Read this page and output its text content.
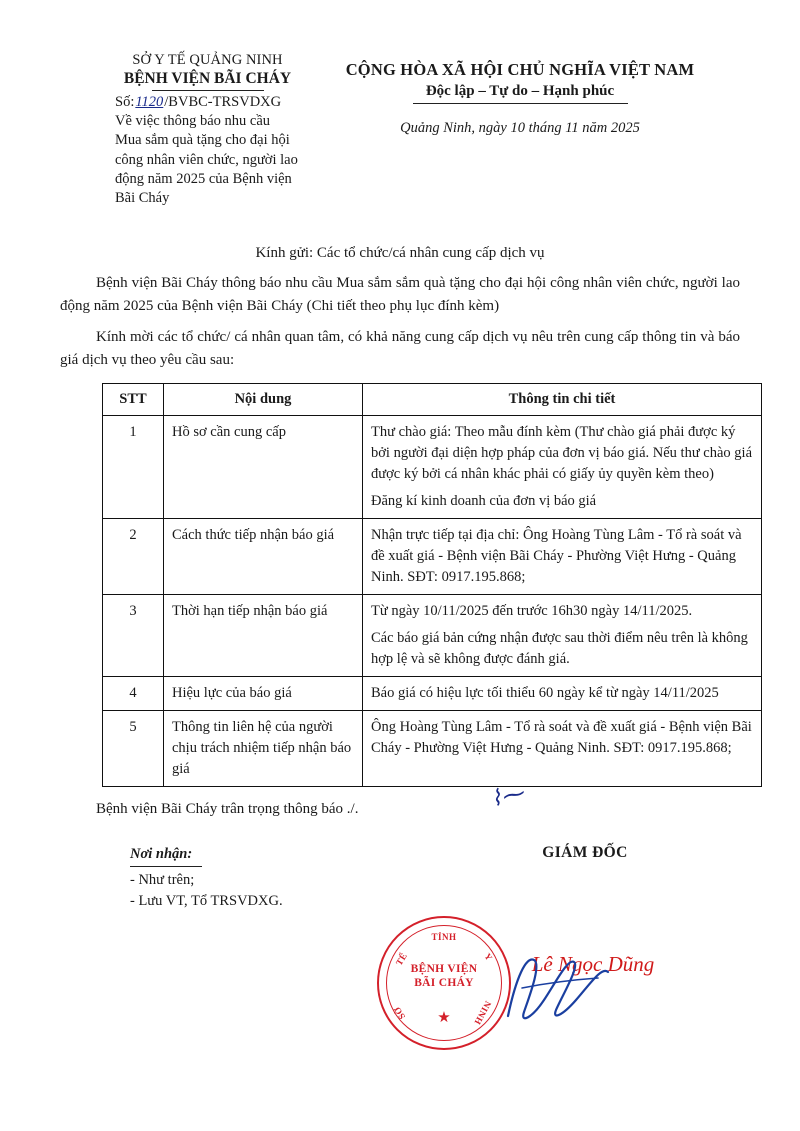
SỞ Y TẾ QUẢNG NINH
BỆNH VIỆN BÃI CHÁY
Số:1120/BVBC-TRSVDXG
Về việc thông báo nhu cầu Mua sắm quà tặng cho đại hội công nhân viên chức, người lao động năm 2025 của Bệnh viện Bãi Cháy
CỘNG HÒA XÃ HỘI CHỦ NGHĨA VIỆT NAM
Độc lập – Tự do – Hạnh phúc
Quảng Ninh, ngày 10 tháng 11 năm 2025
Kính gửi: Các tổ chức/cá nhân cung cấp dịch vụ

Bệnh viện Bãi Cháy thông báo nhu cầu Mua sắm sắm quà tặng cho đại hội công nhân viên chức, người lao động năm 2025 của Bệnh viện Bãi Cháy (Chi tiết theo phụ lục đính kèm)

Kính mời các tổ chức/ cá nhân quan tâm, có khả năng cung cấp dịch vụ nêu trên cung cấp thông tin và báo giá dịch vụ theo yêu cầu sau:

STT	Nội dung	Thông tin chi tiết
1	Hồ sơ cần cung cấp	Thư chào giá: Theo mẫu đính kèm (Thư chào giá phải được ký bởi người đại diện hợp pháp của đơn vị báo giá. Nếu thư chào giá được ký bởi cá nhân khác phải có giấy ủy quyền kèm theo)

Đăng kí kinh doanh của đơn vị báo giá

2	Cách thức tiếp nhận báo giá	Nhận trực tiếp tại địa chỉ: Ông Hoàng Tùng Lâm - Tổ rà soát và đề xuất giá - Bệnh viện Bãi Cháy - Phường Việt Hưng - Quảng Ninh. SĐT: 0917.195.868;

3	Thời hạn tiếp nhận báo giá	Từ ngày 10/11/2025 đến trước 16h30 ngày 14/11/2025.

Các báo giá bản cứng nhận được sau thời điểm nêu trên là không hợp lệ và sẽ không được đánh giá.

4	Hiệu lực của báo giá	Báo giá có hiệu lực tối thiểu 60 ngày kể từ ngày 14/11/2025

5	Thông tin liên hệ của người chịu trách nhiệm tiếp nhận báo giá	Ông Hoàng Tùng Lâm - Tổ rà soát và đề xuất giá - Bệnh viện Bãi Cháy - Phường Việt Hưng - Quảng Ninh. SĐT: 0917.195.868;

Bệnh viện Bãi Cháy trân trọng thông báo ./.	⌇⁓
Nơi nhận:
- Như trên;
- Lưu VT, Tổ TRSVDXG.
GIÁM ĐỐC
Lê Ngọc Dũng
TỈNH
TẾ	Y
SỞ	NINH
BỆNH VIỆN
BÃI CHÁY
★
